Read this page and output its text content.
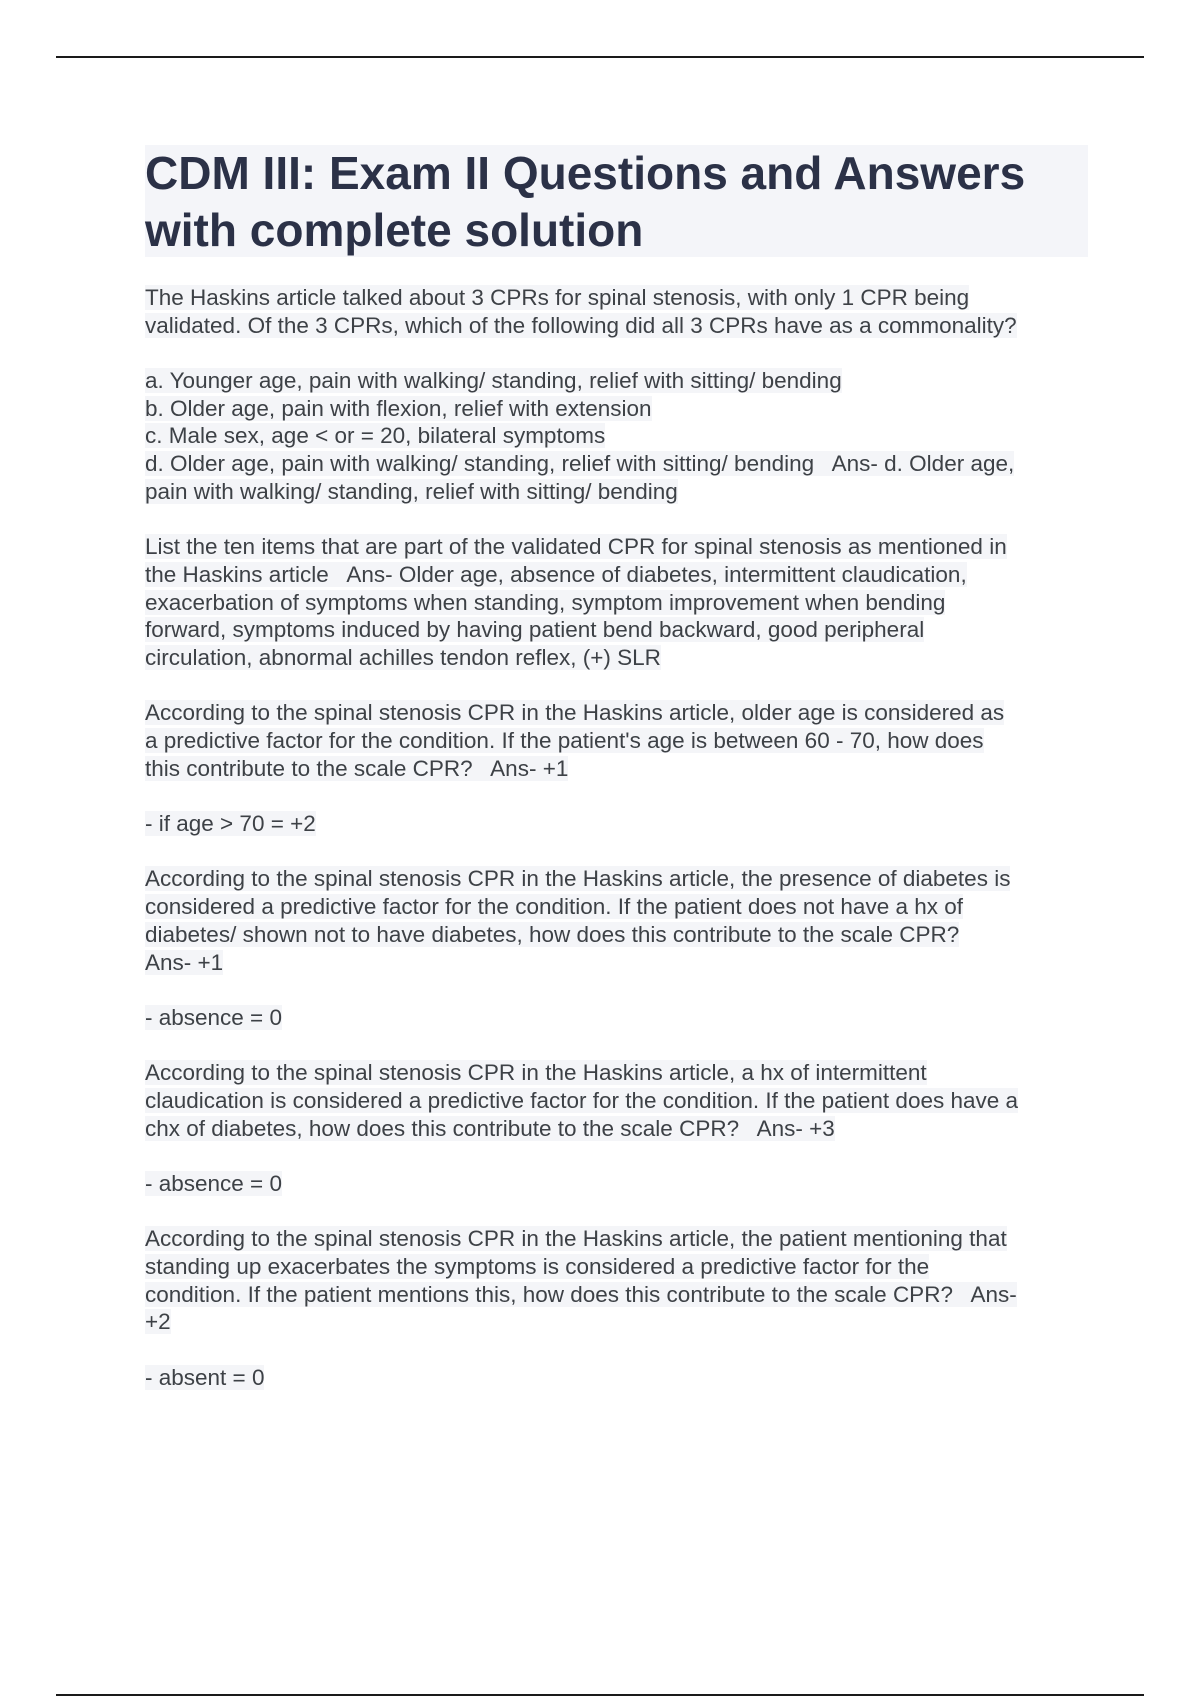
CDM III: Exam II Questions and Answers
with complete solution
The Haskins article talked about 3 CPRs for spinal stenosis, with only 1 CPR being
validated. Of the 3 CPRs, which of the following did all 3 CPRs have as a commonality?
a. Younger age, pain with walking/ standing, relief with sitting/ bending
b. Older age, pain with flexion, relief with extension
c. Male sex, age < or = 20, bilateral symptoms
d. Older age, pain with walking/ standing, relief with sitting/ bending   Ans- d. Older age,
pain with walking/ standing, relief with sitting/ bending
List the ten items that are part of the validated CPR for spinal stenosis as mentioned in
the Haskins article   Ans- Older age, absence of diabetes, intermittent claudication,
exacerbation of symptoms when standing, symptom improvement when bending
forward, symptoms induced by having patient bend backward, good peripheral
circulation, abnormal achilles tendon reflex, (+) SLR
According to the spinal stenosis CPR in the Haskins article, older age is considered as
a predictive factor for the condition. If the patient's age is between 60 - 70, how does
this contribute to the scale CPR?   Ans- +1
- if age > 70 = +2
According to the spinal stenosis CPR in the Haskins article, the presence of diabetes is
considered a predictive factor for the condition. If the patient does not have a hx of
diabetes/ shown not to have diabetes, how does this contribute to the scale CPR?
Ans- +1
- absence = 0
According to the spinal stenosis CPR in the Haskins article, a hx of intermittent
claudication is considered a predictive factor for the condition. If the patient does have a
chx of diabetes, how does this contribute to the scale CPR?   Ans- +3
- absence = 0
According to the spinal stenosis CPR in the Haskins article, the patient mentioning that
standing up exacerbates the symptoms is considered a predictive factor for the
condition. If the patient mentions this, how does this contribute to the scale CPR?   Ans-
+2
- absent = 0
